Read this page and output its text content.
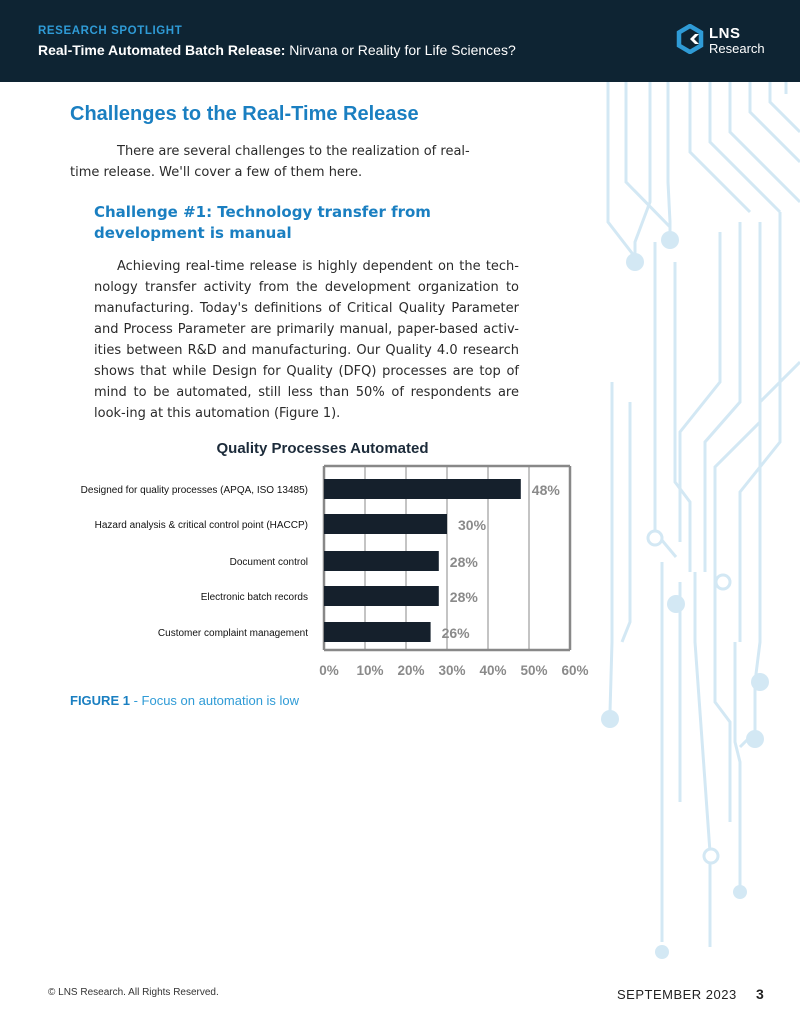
RESEARCH SPOTLIGHT
Real-Time Automated Batch Release: Nirvana or Reality for Life Sciences?
LNS
Research
Challenges to the Real-Time Release

There are several challenges to the realization of real-time release. We'll cover a few of them here.

Challenge #1: Technology transfer from development is manual

Achieving real-time release is highly dependent on the tech-nology transfer activity from the development organization to manufacturing. Today's definitions of Critical Quality Parameter and Process Parameter are primarily manual, paper-based activ-ities between R&D and manufacturing. Our Quality 4.0 research shows that while Design for Quality (DFQ) processes are top of mind to be automated, still less than 50% of respondents are look-ing at this automation (Figure 1).

Quality Processes Automated
0% 10% 20% 30% 40% 50% 60%
Designed for quality processes (APQA, ISO 13485)	48%
Hazard analysis & critical control point (HACCP)	30%
Document control	28%
Electronic batch records	28%
Customer complaint management	26%
FIGURE 1 - Focus on automation is low
© LNS Research. All Rights Reserved.	SEPTEMBER 2023 3
